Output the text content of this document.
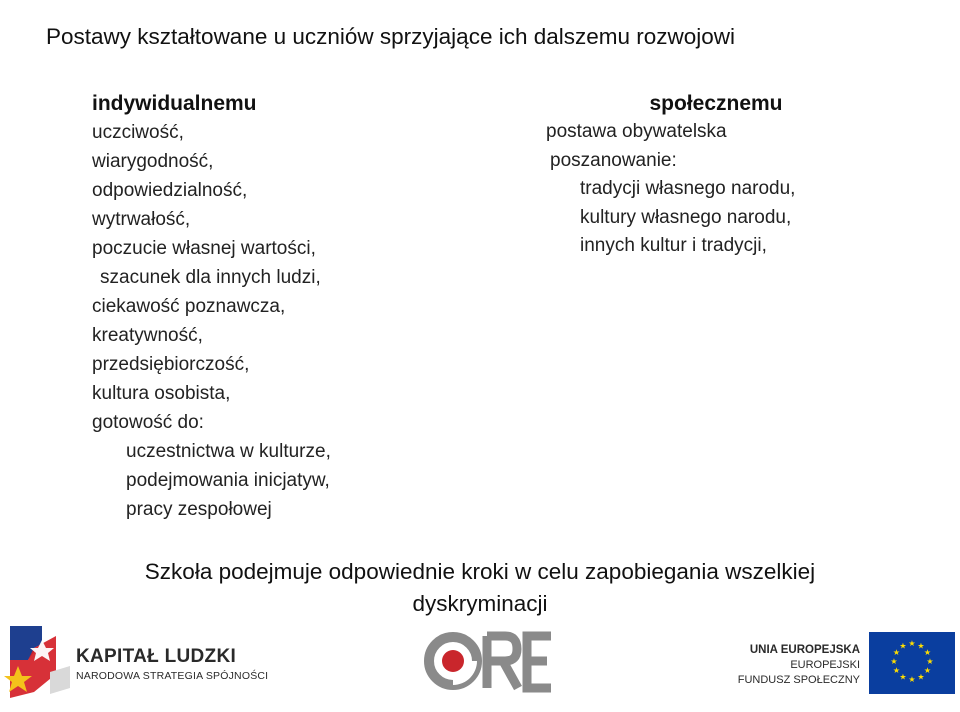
Postawy kształtowane u uczniów sprzyjające ich dalszemu rozwojowi
indywidualnemu
uczciwość,
wiarygodność,
odpowiedzialność,
wytrwałość,
poczucie własnej wartości,
szacunek dla innych ludzi,
ciekawość poznawcza,
kreatywność,
przedsiębiorczość,
kultura osobista,
gotowość do:
uczestnictwa w kulturze,
podejmowania inicjatyw,
pracy zespołowej
społecznemu
postawa obywatelska
poszanowanie:
tradycji własnego narodu,
kultury własnego narodu,
innych kultur i tradycji,
Szkoła podejmuje odpowiednie kroki w celu zapobiegania wszelkiej
dyskryminacji
KAPITAŁ LUDZKI
NARODOWA STRATEGIA SPÓJNOŚCI
UNIA EUROPEJSKA
EUROPEJSKI
FUNDUSZ SPOŁECZNY
★ ★
★
★
★
★
★
★
★
★
★
★
